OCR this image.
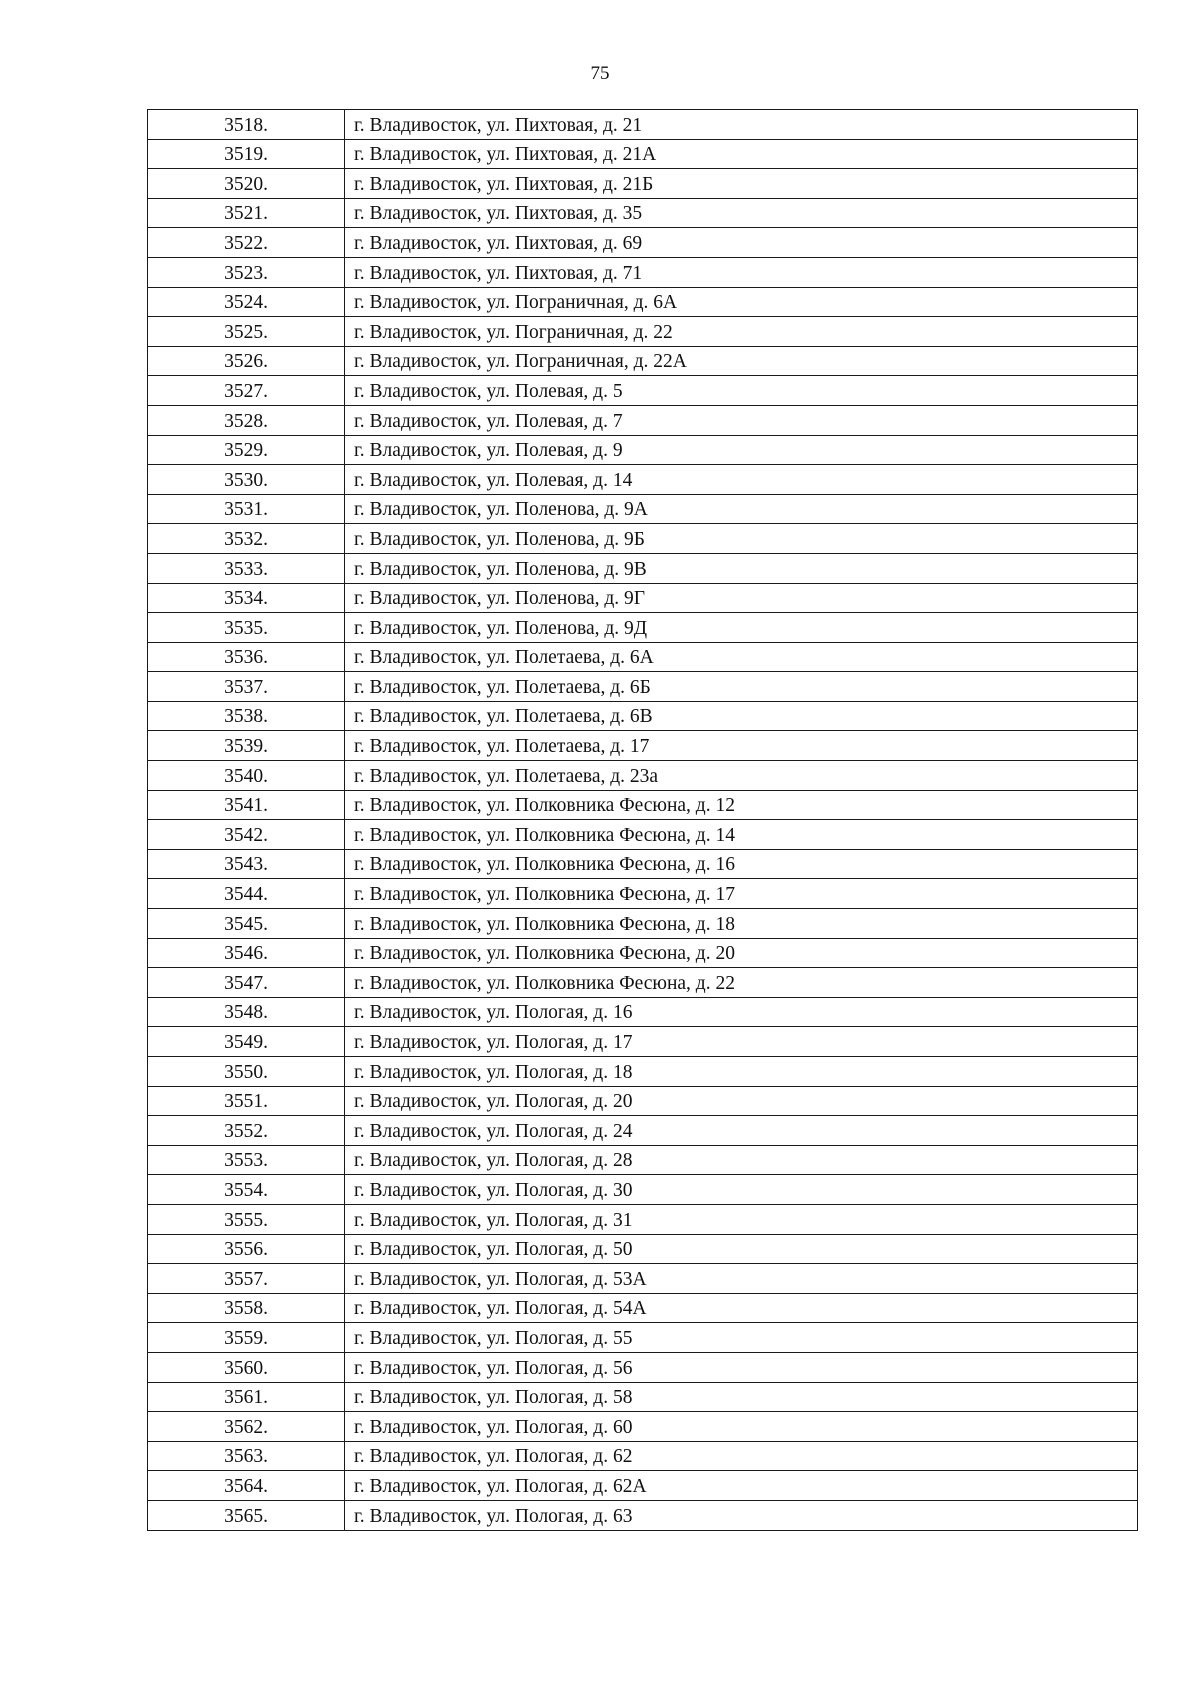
75
3518.	г. Владивосток, ул. Пихтовая, д. 21
3519.	г. Владивосток, ул. Пихтовая, д. 21А
3520.	г. Владивосток, ул. Пихтовая, д. 21Б
3521.	г. Владивосток, ул. Пихтовая, д. 35
3522.	г. Владивосток, ул. Пихтовая, д. 69
3523.	г. Владивосток, ул. Пихтовая, д. 71
3524.	г. Владивосток, ул. Пограничная, д. 6А
3525.	г. Владивосток, ул. Пограничная, д. 22
3526.	г. Владивосток, ул. Пограничная, д. 22А
3527.	г. Владивосток, ул. Полевая, д. 5
3528.	г. Владивосток, ул. Полевая, д. 7
3529.	г. Владивосток, ул. Полевая, д. 9
3530.	г. Владивосток, ул. Полевая, д. 14
3531.	г. Владивосток, ул. Поленова, д. 9А
3532.	г. Владивосток, ул. Поленова, д. 9Б
3533.	г. Владивосток, ул. Поленова, д. 9В
3534.	г. Владивосток, ул. Поленова, д. 9Г
3535.	г. Владивосток, ул. Поленова, д. 9Д
3536.	г. Владивосток, ул. Полетаева, д. 6А
3537.	г. Владивосток, ул. Полетаева, д. 6Б
3538.	г. Владивосток, ул. Полетаева, д. 6В
3539.	г. Владивосток, ул. Полетаева, д. 17
3540.	г. Владивосток, ул. Полетаева, д. 23а
3541.	г. Владивосток, ул. Полковника Фесюна, д. 12
3542.	г. Владивосток, ул. Полковника Фесюна, д. 14
3543.	г. Владивосток, ул. Полковника Фесюна, д. 16
3544.	г. Владивосток, ул. Полковника Фесюна, д. 17
3545.	г. Владивосток, ул. Полковника Фесюна, д. 18
3546.	г. Владивосток, ул. Полковника Фесюна, д. 20
3547.	г. Владивосток, ул. Полковника Фесюна, д. 22
3548.	г. Владивосток, ул. Пологая, д. 16
3549.	г. Владивосток, ул. Пологая, д. 17
3550.	г. Владивосток, ул. Пологая, д. 18
3551.	г. Владивосток, ул. Пологая, д. 20
3552.	г. Владивосток, ул. Пологая, д. 24
3553.	г. Владивосток, ул. Пологая, д. 28
3554.	г. Владивосток, ул. Пологая, д. 30
3555.	г. Владивосток, ул. Пологая, д. 31
3556.	г. Владивосток, ул. Пологая, д. 50
3557.	г. Владивосток, ул. Пологая, д. 53А
3558.	г. Владивосток, ул. Пологая, д. 54А
3559.	г. Владивосток, ул. Пологая, д. 55
3560.	г. Владивосток, ул. Пологая, д. 56
3561.	г. Владивосток, ул. Пологая, д. 58
3562.	г. Владивосток, ул. Пологая, д. 60
3563.	г. Владивосток, ул. Пологая, д. 62
3564.	г. Владивосток, ул. Пологая, д. 62А
3565.	г. Владивосток, ул. Пологая, д. 63
